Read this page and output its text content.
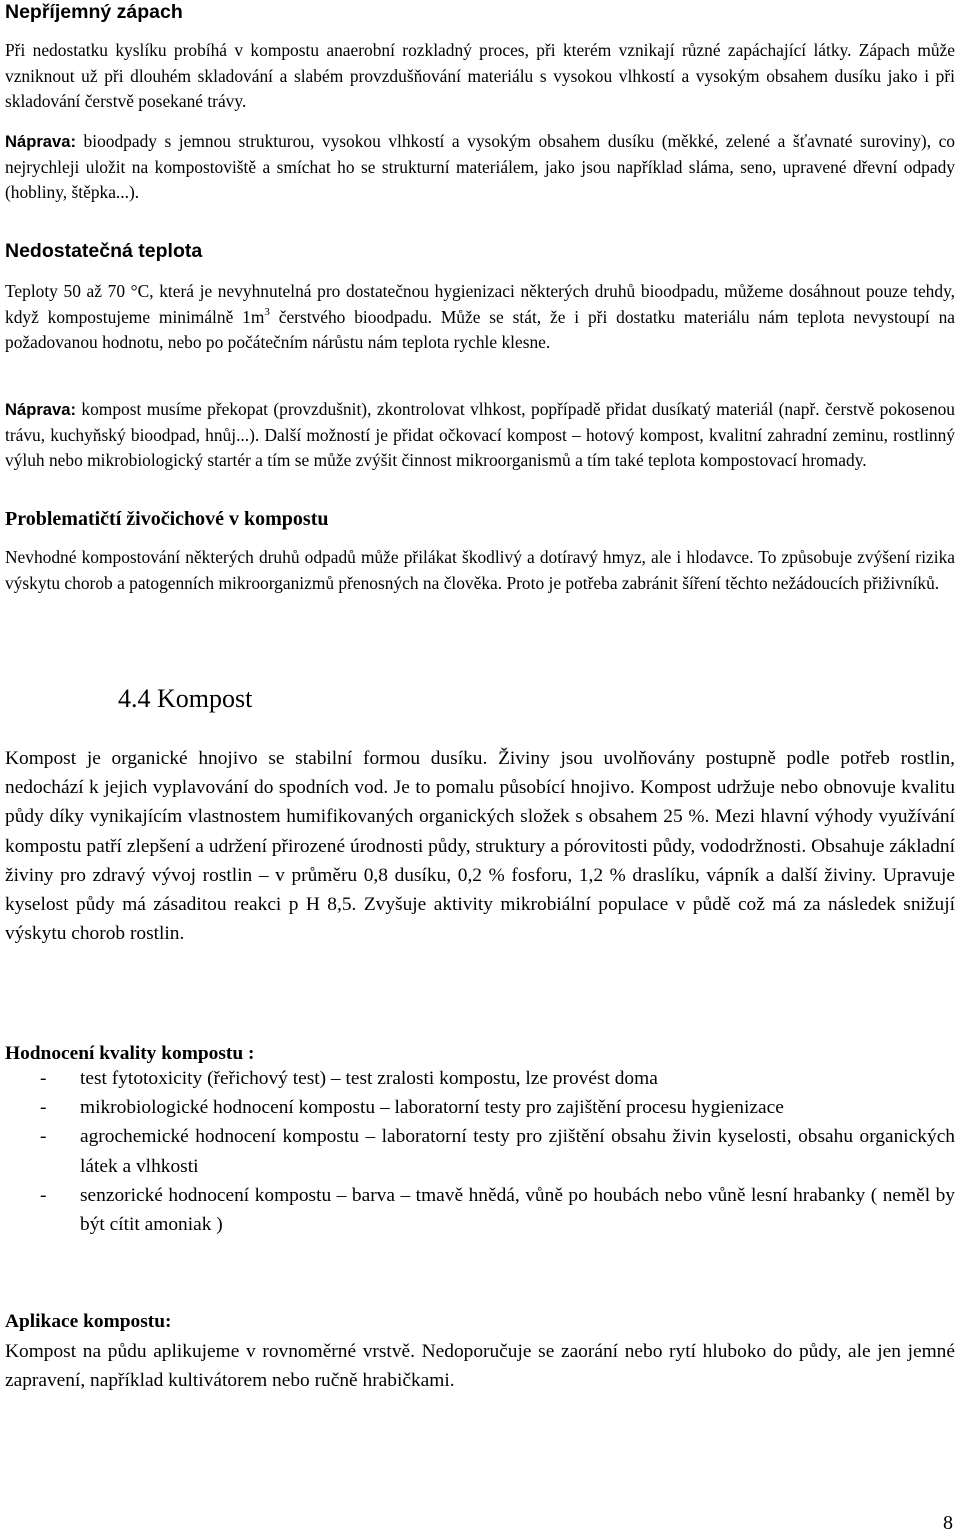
Nepříjemný zápach

Při nedostatku kyslíku probíhá v kompostu anaerobní rozkladný proces, při kterém vznikají různé zapáchající látky. Zápach může vzniknout už při dlouhém skladování a slabém provzdušňování materiálu s vysokou vlhkostí a vysokým obsahem dusíku jako i při skladování čerstvě posekané trávy.

Náprava: bioodpady s jemnou strukturou, vysokou vlhkostí a vysokým obsahem dusíku (měkké, zelené a šťavnaté suroviny), co nejrychleji uložit na kompostoviště a smíchat ho se strukturní materiálem, jako jsou například sláma, seno, upravené dřevní odpady (hobliny, štěpka...).

Nedostatečná teplota

Teploty 50 až 70 °C, která je nevyhnutelná pro dostatečnou hygienizaci některých druhů bioodpadu, můžeme dosáhnout pouze tehdy, když kompostujeme minimálně $1m^3$ čerstvého bioodpadu. Může se stát, že i při dostatku materiálu nám teplota nevystoupí na požadovanou hodnotu, nebo po počátečním nárůstu nám teplota rychle klesne.

Náprava: kompost musíme překopat (provzdušnit), zkontrolovat vlhkost, popřípadě přidat dusíkatý materiál (např. čerstvě pokosenou trávu, kuchyňský bioodpad, hnůj...). Další možností je přidat očkovací kompost – hotový kompost, kvalitní zahradní zeminu, rostlinný výluh nebo mikrobiologický startér a tím se může zvýšit činnost mikroorganismů a tím také teplota kompostovací hromady.

Problematičtí živočichové v kompostu

Nevhodné kompostování některých druhů odpadů může přilákat škodlivý a dotíravý hmyz, ale i hlodavce. To způsobuje zvýšení rizika výskytu chorob a patogenních mikroorganizmů přenosných na člověka. Proto je potřeba zabránit šíření těchto nežádoucích přiživníků.

4.4 Kompost

Kompost je organické hnojivo se stabilní formou dusíku. Živiny jsou uvolňovány postupně podle potřeb rostlin, nedochází k jejich vyplavování do spodních vod. Je to pomalu působící hnojivo. Kompost udržuje nebo obnovuje kvalitu půdy díky vynikajícím vlastnostem humifikovaných organických složek s obsahem 25 %. Mezi hlavní výhody využívání kompostu patří zlepšení a udržení přirozené úrodnosti půdy, struktury a pórovitosti půdy, vododržnosti. Obsahuje základní živiny pro zdravý vývoj rostlin – v průměru 0,8 dusíku, 0,2 % fosforu, 1,2 % draslíku, vápník a další živiny. Upravuje kyselost půdy má zásaditou reakci p H 8,5. Zvyšuje aktivity mikrobiální populace v půdě což má za následek snižují výskytu chorob rostlin.

Hodnocení kvality kompostu :
- test fytotoxicity (řeřichový test) – test zralosti kompostu, lze provést doma
- mikrobiologické hodnocení kompostu – laboratorní testy pro zajištění procesu hygienizace
- agrochemické hodnocení kompostu – laboratorní testy pro zjištění obsahu živin kyselosti, obsahu organických látek a vlhkosti
- senzorické hodnocení kompostu – barva – tmavě hnědá, vůně po houbách nebo vůně lesní hrabanky ( neměl by být cítit amoniak )
Aplikace kompostu:

Kompost na půdu aplikujeme v rovnoměrné vrstvě. Nedoporučuje se zaorání nebo rytí hluboko do půdy, ale jen jemné zapravení, například kultivátorem nebo ručně hrabičkami.

8
